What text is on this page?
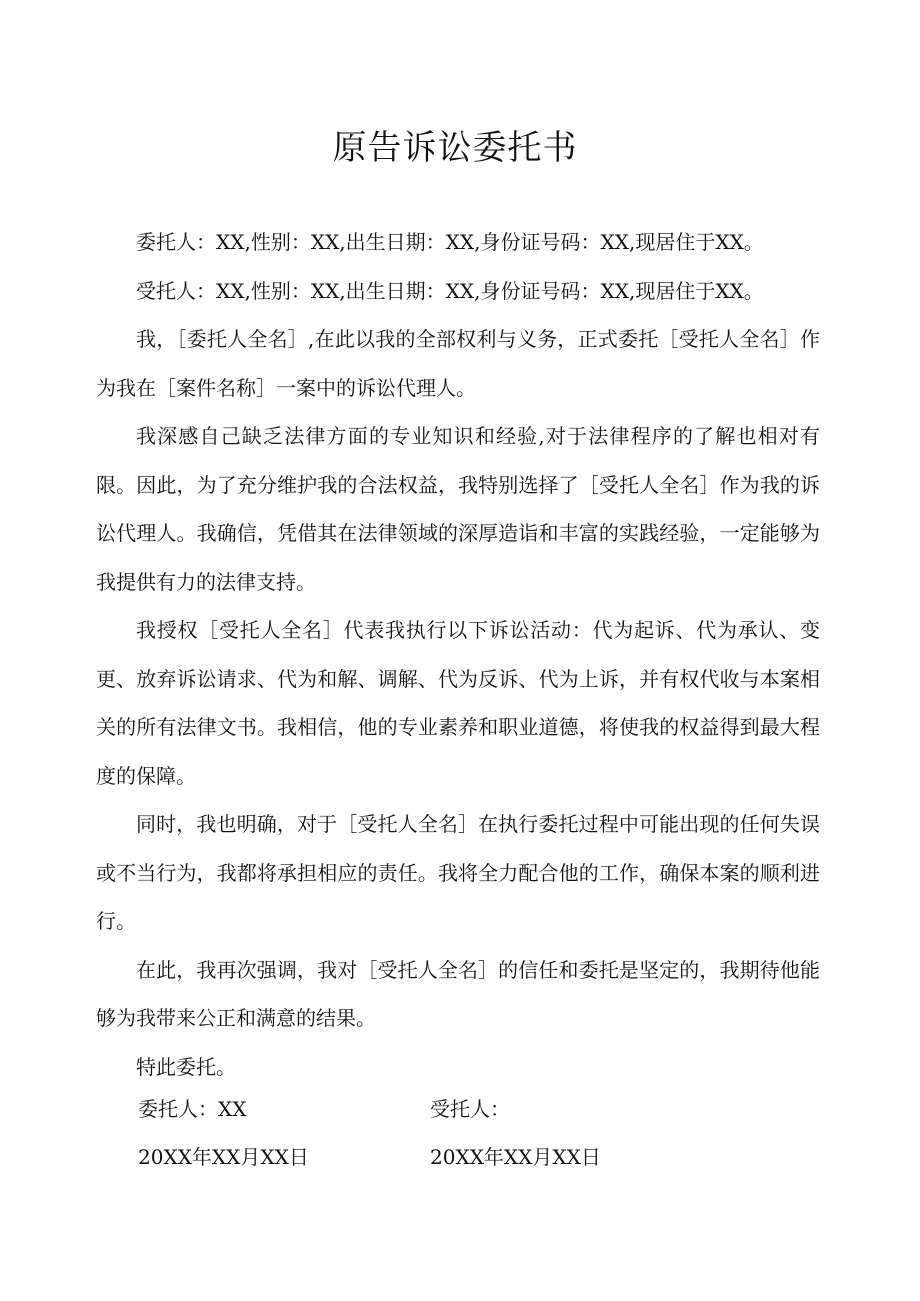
原告诉讼委托书

委托人：XX,性别：XX,出生日期：XX,身份证号码：XX,现居住于XX。

受托人：XX,性别：XX,出生日期：XX,身份证号码：XX,现居住于XX。

我，［委托人全名］,在此以我的全部权利与义务，正式委托［受托人全名］作为我在［案件名称］一案中的诉讼代理人。

我深感自己缺乏法律方面的专业知识和经验,对于法律程序的了解也相对有限。因此，为了充分维护我的合法权益，我特别选择了［受托人全名］作为我的诉讼代理人。我确信，凭借其在法律领域的深厚造诣和丰富的实践经验，一定能够为我提供有力的法律支持。

我授权［受托人全名］代表我执行以下诉讼活动：代为起诉、代为承认、变更、放弃诉讼请求、代为和解、调解、代为反诉、代为上诉，并有权代收与本案相关的所有法律文书。我相信，他的专业素养和职业道德，将使我的权益得到最大程度的保障。

同时，我也明确，对于［受托人全名］在执行委托过程中可能出现的任何失误或不当行为，我都将承担相应的责任。我将全力配合他的工作，确保本案的顺利进行。

在此，我再次强调，我对［受托人全名］的信任和委托是坚定的，我期待他能够为我带来公正和满意的结果。

特此委托。

委托人：XX	受托人：
20XX年XX月XX日	20XX年XX月XX日
